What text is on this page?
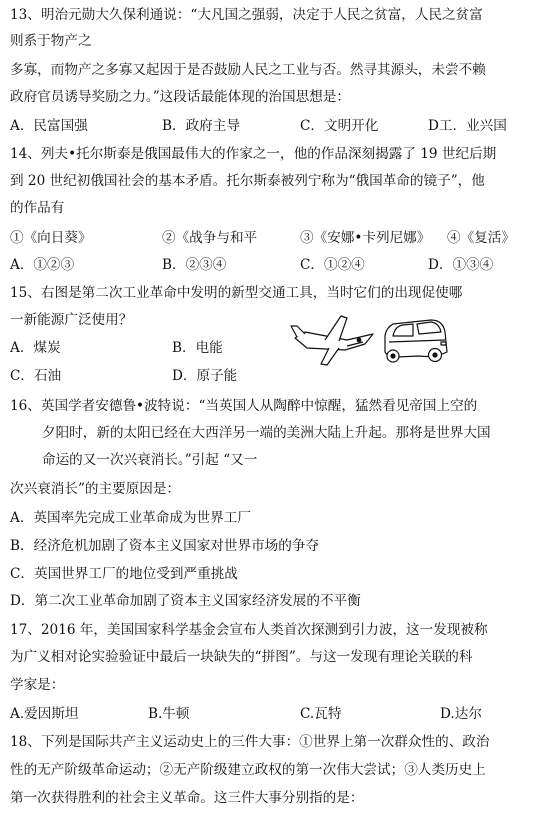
13、明治元勋大久保利通说：“大凡国之强弱，决定于人民之贫富，人民之贫富
则系于物产之
多寡，而物产之多寡又起因于是否鼓励人民之工业与否。然寻其源头，未尝不赖
政府官员诱导奖励之力。”这段话最能体现的治国思想是：
A．民富国强	B．政府主导	C．文明开化	D工．业兴国
14、列夫•托尔斯泰是俄国最伟大的作家之一，他的作品深刻揭露了 19 世纪后期
到 20 世纪初俄国社会的基本矛盾。托尔斯泰被列宁称为“俄国革命的镜子”，他
的作品有
①《向日葵》	②《战争与和平	③《安娜•卡列尼娜》 ④《复活》
A．①②③	B．②③④	C．①②④	D．①③④
15、右图是第二次工业革命中发明的新型交通工具，当时它们的出现促使哪
一新能源广泛使用？
A．煤炭	B．电能
C．石油	D．原子能
16、英国学者安德鲁•波特说：“当英国人从陶醉中惊醒，猛然看见帝国上空的
夕阳时，新的太阳已经在大西洋另一端的美洲大陆上升起。那将是世界大国
命运的又一次兴衰消长。”引起 “又一
次兴衰消长”的主要原因是：
A．英国率先完成工业革命成为世界工厂
B．经济危机加剧了资本主义国家对世界市场的争夺
C．英国世界工厂的地位受到严重挑战
D．第二次工业革命加剧了资本主义国家经济发展的不平衡
17、2016 年，美国国家科学基金会宣布人类首次探测到引力波，这一发现被称
为广义相对论实验验证中最后一块缺失的“拼图”。与这一发现有理论关联的科
学家是：
A.爱因斯坦	B.牛顿	C.瓦特	D.达尔
18、下列是国际共产主义运动史上的三件大事：①世界上第一次群众性的、政治
性的无产阶级革命运动；②无产阶级建立政权的第一次伟大尝试；③人类历史上
第一次获得胜利的社会主义革命。这三件大事分别指的是：
